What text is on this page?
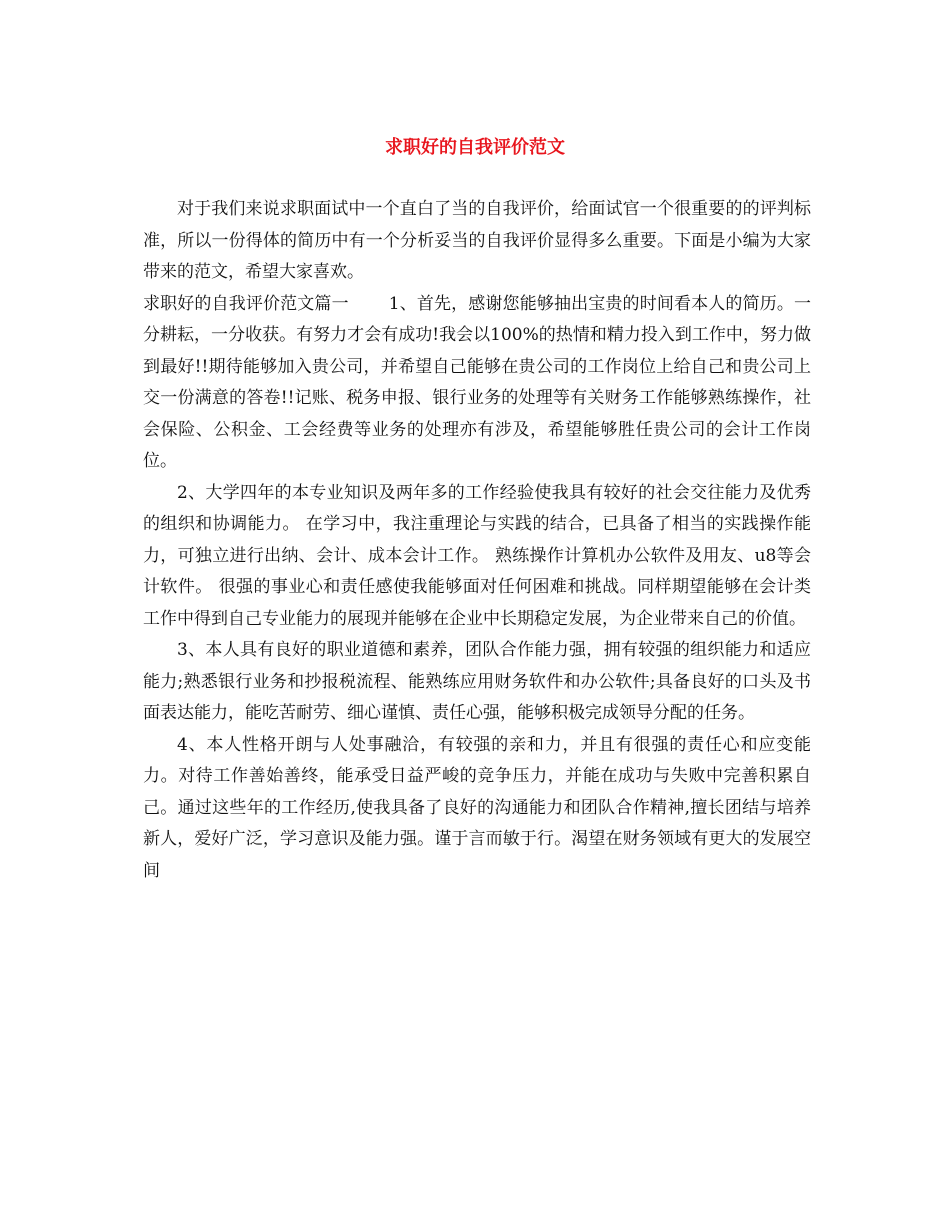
求职好的自我评价范文

对于我们来说求职面试中一个直白了当的自我评价，给面试官一个很重要的的评判标准，所以一份得体的简历中有一个分析妥当的自我评价显得多么重要。下面是小编为大家带来的范文，希望大家喜欢。

求职好的自我评价范文篇一 1、首先，感谢您能够抽出宝贵的时间看本人的简历。一分耕耘，一分收获。有努力才会有成功!我会以100%的热情和精力投入到工作中，努力做到最好!!期待能够加入贵公司，并希望自己能够在贵公司的工作岗位上给自己和贵公司上交一份满意的答卷!!记账、税务申报、银行业务的处理等有关财务工作能够熟练操作，社会保险、公积金、工会经费等业务的处理亦有涉及，希望能够胜任贵公司的会计工作岗位。

2、大学四年的本专业知识及两年多的工作经验使我具有较好的社会交往能力及优秀的组织和协调能力。 在学习中，我注重理论与实践的结合，已具备了相当的实践操作能力，可独立进行出纳、会计、成本会计工作。 熟练操作计算机办公软件及用友、u8等会计软件。 很强的事业心和责任感使我能够面对任何困难和挑战。同样期望能够在会计类工作中得到自己专业能力的展现并能够在企业中长期稳定发展，为企业带来自己的价值。

3、本人具有良好的职业道德和素养，团队合作能力强，拥有较强的组织能力和适应能力;熟悉银行业务和抄报税流程、能熟练应用财务软件和办公软件;具备良好的口头及书面表达能力，能吃苦耐劳、细心谨慎、责任心强，能够积极完成领导分配的任务。

4、本人性格开朗与人处事融洽，有较强的亲和力，并且有很强的责任心和应变能力。对待工作善始善终，能承受日益严峻的竞争压力，并能在成功与失败中完善积累自己。通过这些年的工作经历,使我具备了良好的沟通能力和团队合作精神,擅长团结与培养新人，爱好广泛，学习意识及能力强。谨于言而敏于行。渴望在财务领域有更大的发展空间
